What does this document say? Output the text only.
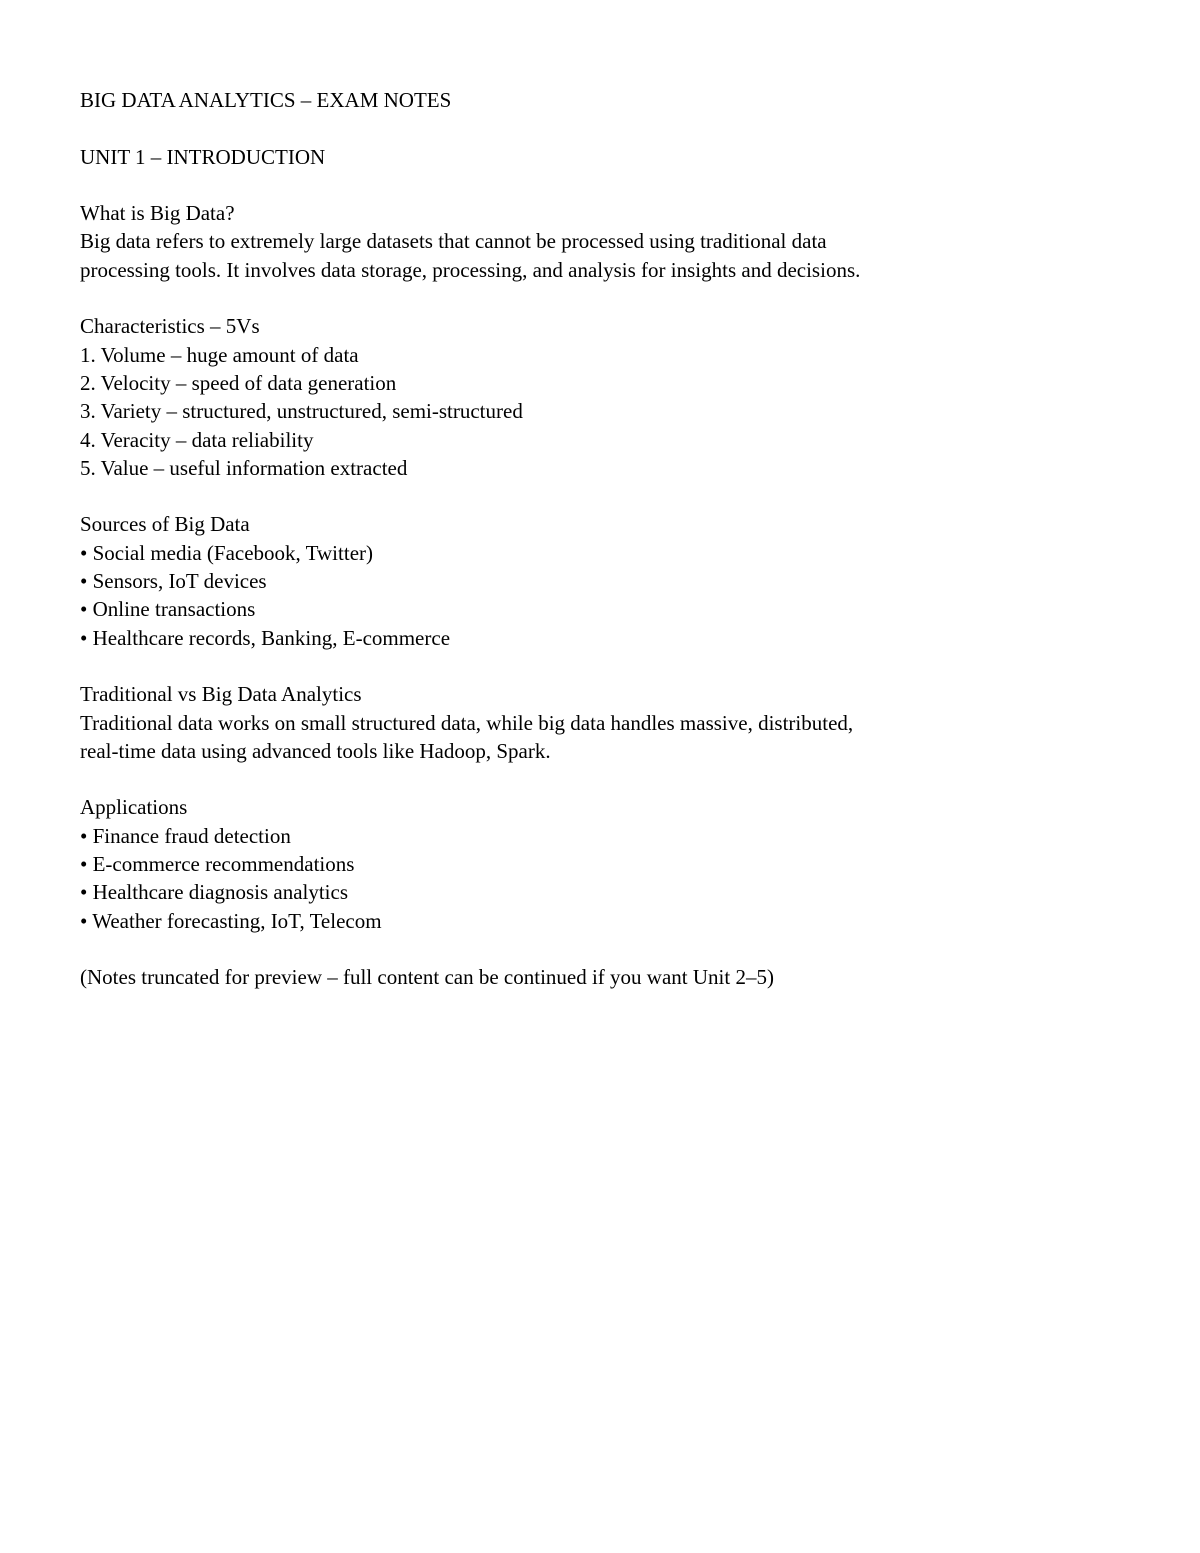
BIG DATA ANALYTICS – EXAM NOTES
UNIT 1 – INTRODUCTION
What is Big Data?
Big data refers to extremely large datasets that cannot be processed using traditional data
processing tools. It involves data storage, processing, and analysis for insights and decisions.
Characteristics – 5Vs
1. Volume – huge amount of data
2. Velocity – speed of data generation
3. Variety – structured, unstructured, semi-structured
4. Veracity – data reliability
5. Value – useful information extracted
Sources of Big Data
• Social media (Facebook, Twitter)
• Sensors, IoT devices
• Online transactions
• Healthcare records, Banking, E-commerce
Traditional vs Big Data Analytics
Traditional data works on small structured data, while big data handles massive, distributed,
real-time data using advanced tools like Hadoop, Spark.
Applications
• Finance fraud detection
• E-commerce recommendations
• Healthcare diagnosis analytics
• Weather forecasting, IoT, Telecom
(Notes truncated for preview – full content can be continued if you want Unit 2–5)
